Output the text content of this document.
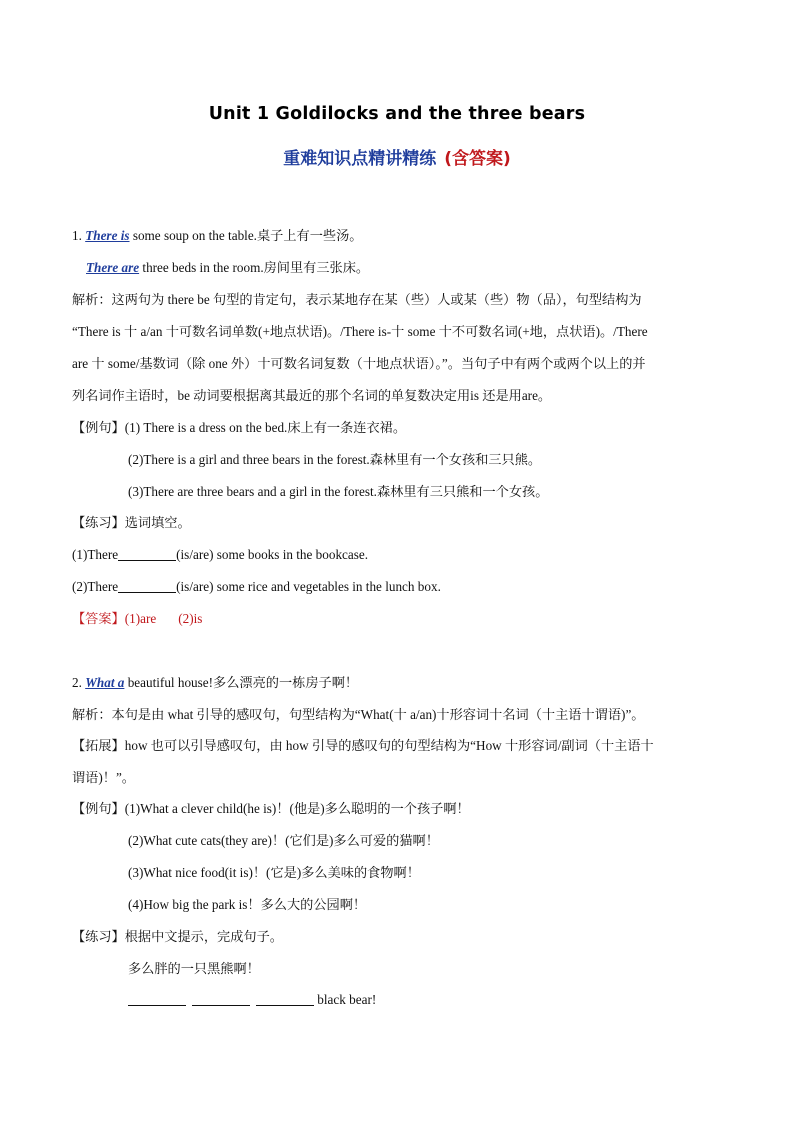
Unit 1 Goldilocks and the three bears
重难知识点精讲精练 (含答案)
1. There is some soup on the table.桌子上有一些汤。
There are three beds in the room.房间里有三张床。
解析：这两句为 there be 句型的肯定句，表示某地存在某（些）人或某（些）物（品），句型结构为
“There is 十 a/an 十可数名词单数(+地点状语)。/There is-十 some 十不可数名词(+地，点状语)。/There
are 十 some/基数词（除 one 外）十可数名词复数（十地点状语）。”。当句子中有两个或两个以上的并
列名词作主语时，be 动词要根据离其最近的那个名词的单复数决定用is 还是用are。
【例句】(1) There is a dress on the bed.床上有一条连衣裙。
(2)There is a girl and three bears in the forest.森林里有一个女孩和三只熊。
(3)There are three bears and a girl in the forest.森林里有三只熊和一个女孩。
【练习】选词填空。
(1)There	(is/are) some books in the bookcase.
(2)There	(is/are) some rice and vegetables in the lunch box.
【答案】(1)are (2)is
2. What a beautiful house!多么漂亮的一栋房子啊！
解析：本句是由 what 引导的感叹句，句型结构为“What(十 a/an)十形容词十名词（十主语十谓语)”。
【拓展】how 也可以引导感叹句，由 how 引导的感叹句的句型结构为“How 十形容词/副词（十主语十
谓语)！”。
【例句】(1)What a clever child(he is)！(他是)多么聪明的一个孩子啊！
(2)What cute cats(they are)！(它们是)多么可爱的猫啊！
(3)What nice food(it is)！(它是)多么美味的食物啊！
(4)How big the park is！多么大的公园啊！
【练习】根据中文提示，完成句子。
多么胖的一只黑熊啊！
black bear!
